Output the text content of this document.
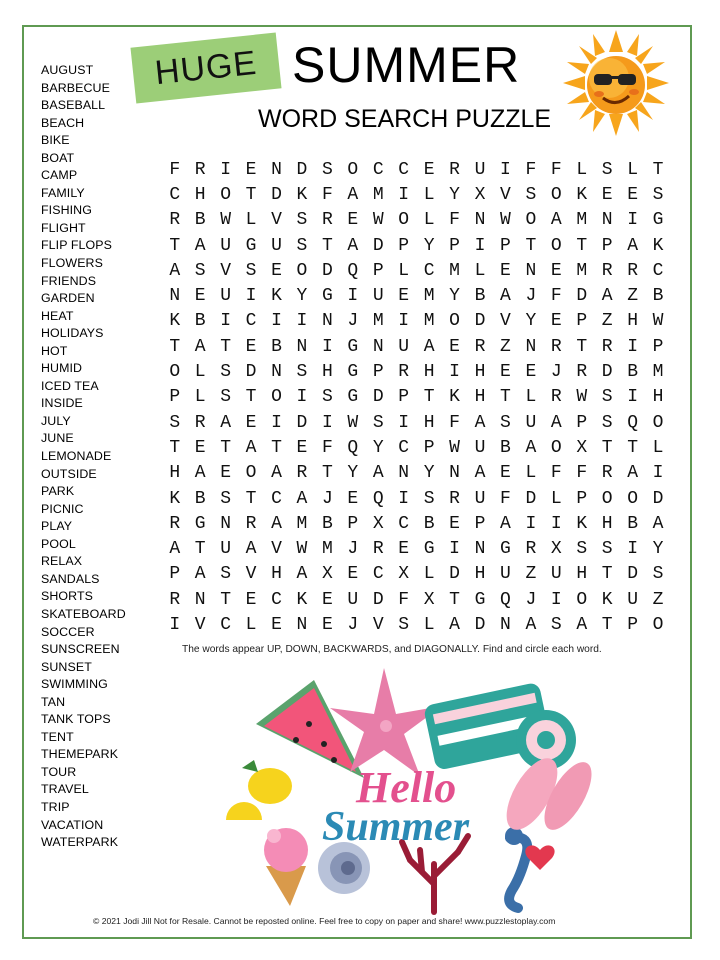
AUGUST
BARBECUE
BASEBALL
BEACH
BIKE
BOAT
CAMP
FAMILY
FISHING
FLIGHT
FLIP FLOPS
FLOWERS
FRIENDS
GARDEN
HEAT
HOLIDAYS
HOT
HUMID
ICED TEA
INSIDE
JULY
JUNE
LEMONADE
OUTSIDE
PARK
PICNIC
PLAY
POOL
RELAX
SANDALS
SHORTS
SKATEBOARD
SOCCER
SUNSCREEN
SUNSET
SWIMMING
TAN
TANK TOPS
TENT
THEMEPARK
TOUR
TRAVEL
TRIP
VACATION
WATERPARK
HUGE SUMMER
WORD SEARCH PUZZLE
F R I E N D S O C C E R U I F F L S L T
C H O T D K F A M I L Y X V S O K E E S
R B W L V S R E W O L F N W O A M N I G
T A U G U S T A D P Y P I P T O T P A K
A S V S E O D Q P L C M L E N E M R R C
N E U I K Y G I U E M Y B A J F D A Z B
K B I C I I N J M I M O D V Y E P Z H W
T A T E B N I G N U A E R Z N R T R I P
O L S D N S H G P R H I H E E J R D B M
P L S T O I S G D P T K H T L R W S I H
S R A E I D I W S I H F A S U A P S Q O
T E T A T E F Q Y C P W U B A O X T T L
H A E O A R T Y A N Y N A E L F F R A I
K B S T C A J E Q I S R U F D L P O O D
R G N R A M B P X C B E P A I I K H B A
A T U A V W M J R E G I N G R X S S I Y
P A S V H A X E C X L D H U Z U H T D S
R N T E C K E U D F X T G Q J I O K U Z
I V C L E N E J V S L A D N A S A T P O

The words appear UP, DOWN, BACKWARDS, and DIAGONALLY. Find and circle each word.

Hello
Summer

© 2021 Jodi Jill Not for Resale. Cannot be reposted online. Feel free to copy on paper and share! www.puzzlestoplay.com
